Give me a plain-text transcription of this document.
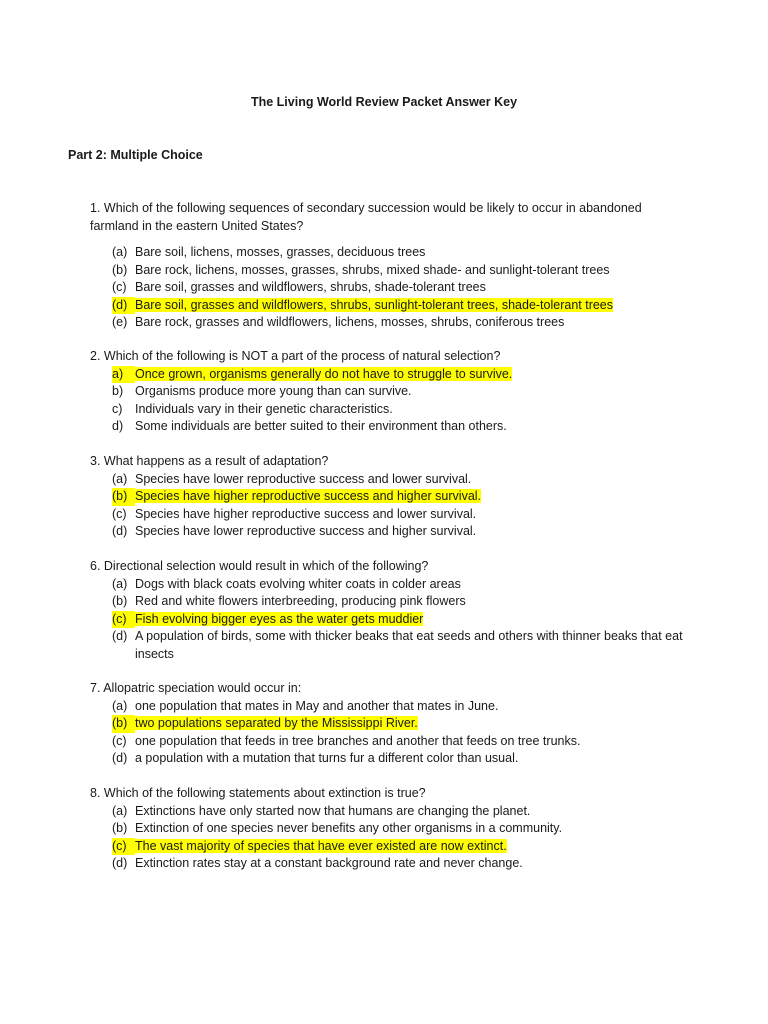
The Living World Review Packet Answer Key
Part 2: Multiple Choice

1. Which of the following sequences of secondary succession would be likely to occur in abandoned farmland in the eastern United States?

(a) Bare soil, lichens, mosses, grasses, deciduous trees
(b) Bare rock, lichens, mosses, grasses, shrubs, mixed shade- and sunlight-tolerant trees
(c) Bare soil, grasses and wildflowers, shrubs, shade-tolerant trees
(d) Bare soil, grasses and wildflowers, shrubs, sunlight-tolerant trees, shade-tolerant trees
(e) Bare rock, grasses and wildflowers, lichens, mosses, shrubs, coniferous trees

2. Which of the following is NOT a part of the process of natural selection?

a) Once grown, organisms generally do not have to struggle to survive.
b) Organisms produce more young than can survive.
c)	Individuals vary in their genetic characteristics.
d) Some individuals are better suited to their environment than others.

3. What happens as a result of adaptation?

(a) Species have lower reproductive success and lower survival.
(b) Species have higher reproductive success and higher survival.
(c) Species have higher reproductive success and lower survival.
(d) Species have lower reproductive success and higher survival.

6. Directional selection would result in which of the following?

(a) Dogs with black coats evolving whiter coats in colder areas
(b) Red and white flowers interbreeding, producing pink flowers
(c) Fish evolving bigger eyes as the water gets muddier
(d) A population of birds, some with thicker beaks that eat seeds and others with thinner beaks that eat insects

7. Allopatric speciation would occur in:

(a) one population that mates in May and another that mates in June.
(b) two populations separated by the Mississippi River.
(c) one population that feeds in tree branches and another that feeds on tree trunks.
(d) a population with a mutation that turns fur a different color than usual.

8. Which of the following statements about extinction is true?

(a) Extinctions have only started now that humans are changing the planet.
(b) Extinction of one species never benefits any other organisms in a community.
(c) The vast majority of species that have ever existed are now extinct.
(d) Extinction rates stay at a constant background rate and never change.
